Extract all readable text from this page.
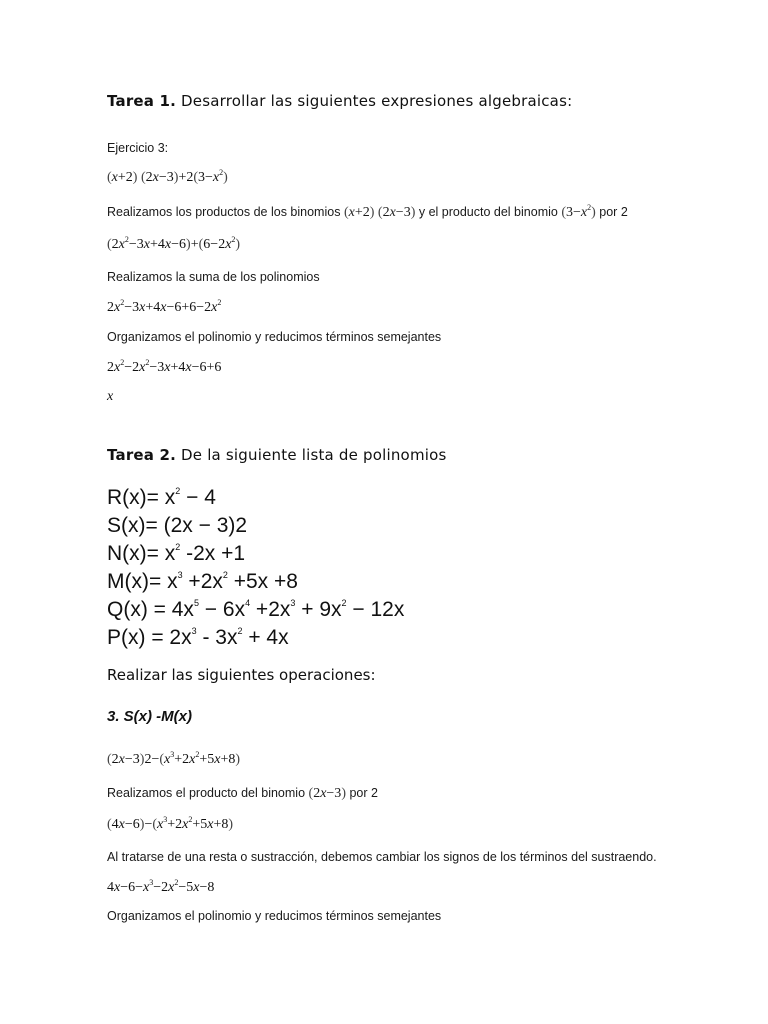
Tarea 1. Desarrollar las siguientes expresiones algebraicas:
Ejercicio 3:
(x+2) $(2x-3)+2(3-x^2)$
Realizamos los productos de los binomios (x+2) (2x−3) y el producto del binomio $(3-x^2)$ por 2
$(2x^2-3x+4x-6)+(6-2x^2)$
Realizamos la suma de los polinomios
$2x^2-3x+4x-6+6-2x^2$
Organizamos el polinomio y reducimos términos semejantes
$2x^2-2x^2-3x+4x-6+6$
x
Tarea 2. De la siguiente lista de polinomios
$R(x)= x^2 - 4$
S(x)= (2x − 3)2
$N(x)= x^2$ -2x +1
$M(x)= x^3 +2x^2 +5x +8$
$Q(x) = 4x^5 - 6x^4 +2x^3 + 9x^2 - 12x$
$P(x) = 2x^3 - 3x^2 + 4x$
Realizar las siguientes operaciones:
3. S(x) -M(x)
$(2x-3)2-(x^3+2x^2+5x+8)$
Realizamos el producto del binomio (2x−3) por 2
$(4x-6)-(x^3+2x^2+5x+8)$
Al tratarse de una resta o sustracción, debemos cambiar los signos de los términos del sustraendo.
$4x-6-x^3-2x^2-5x-8$
Organizamos el polinomio y reducimos términos semejantes
